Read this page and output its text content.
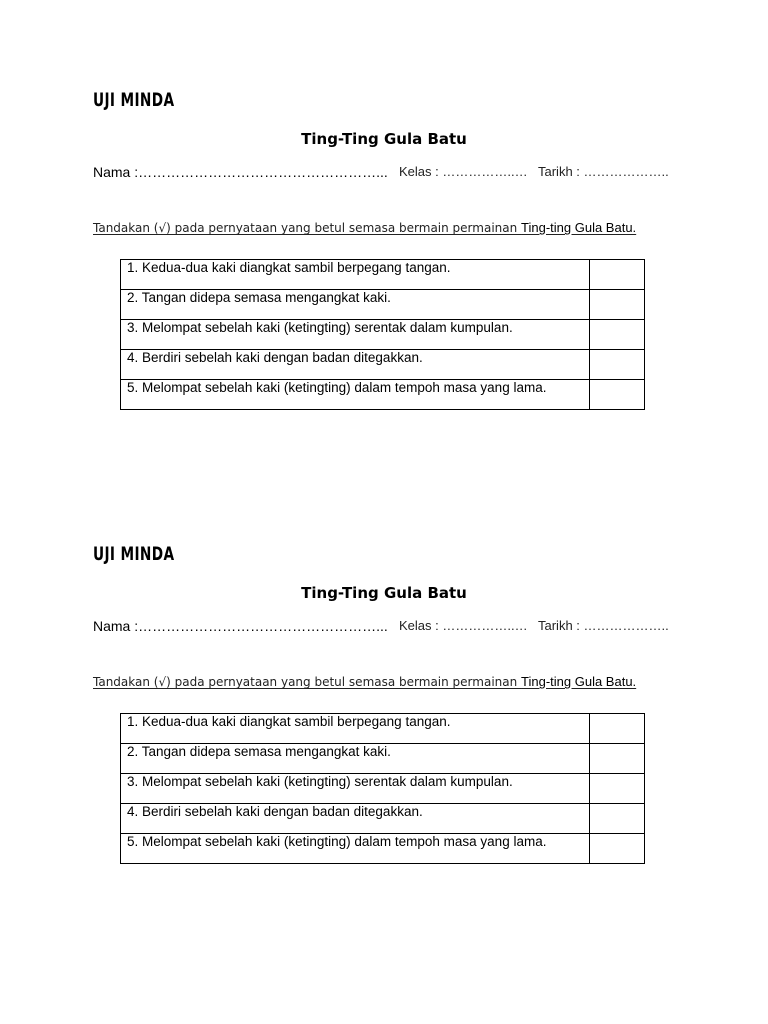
UJI MINDA
Ting-Ting Gula Batu
Nama :……………………………………………... Kelas : ……………..… Tarikh : ………………..
Tandakan (√) pada pernyataan yang betul semasa bermain permainan Ting-ting Gula Batu.
1. Kedua-dua kaki diangkat sambil berpegang tangan.	
2. Tangan didepa semasa mengangkat kaki.	
3. Melompat sebelah kaki (ketingting) serentak dalam kumpulan.	
4. Berdiri sebelah kaki dengan badan ditegakkan.	
5. Melompat sebelah kaki (ketingting) dalam tempoh masa yang lama.	
UJI MINDA
Ting-Ting Gula Batu
Nama :……………………………………………... Kelas : ……………..… Tarikh : ………………..
Tandakan (√) pada pernyataan yang betul semasa bermain permainan Ting-ting Gula Batu.
1. Kedua-dua kaki diangkat sambil berpegang tangan.	
2. Tangan didepa semasa mengangkat kaki.	
3. Melompat sebelah kaki (ketingting) serentak dalam kumpulan.	
4. Berdiri sebelah kaki dengan badan ditegakkan.	
5. Melompat sebelah kaki (ketingting) dalam tempoh masa yang lama.	
